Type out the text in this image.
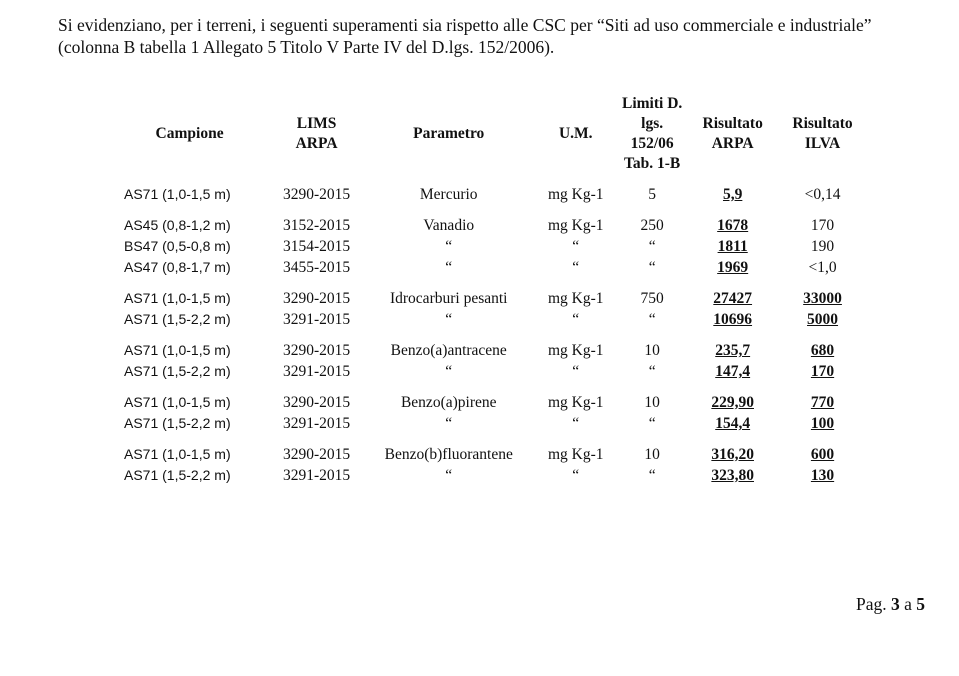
Si evidenziano, per i terreni, i seguenti superamenti sia rispetto alle CSC per “Siti ad uso commerciale e industriale” (colonna B tabella 1 Allegato 5 Titolo V Parte IV del D.lgs. 152/2006).
Campione	LIMS ARPA	Parametro	U.M.	Limiti D. lgs. 152/06 Tab. 1-B	Risultato ARPA	Risultato ILVA
AS71 (1,0-1,5 m)	3290-2015	Mercurio	mg Kg-1	5	5,9	<0,14

AS45 (0,8-1,2 m)	3152-2015	Vanadio	mg Kg-1	250	1678	170
BS47 (0,5-0,8 m)	3154-2015	“	“	“	1811	190
AS47 (0,8-1,7 m)	3455-2015	“	“	“	1969	<1,0

AS71 (1,0-1,5 m)	3290-2015	Idrocarburi pesanti	mg Kg-1	750	27427	33000
AS71 (1,5-2,2 m)	3291-2015	“	“	“	10696	5000

AS71 (1,0-1,5 m)	3290-2015	Benzo(a)antracene	mg Kg-1	10	235,7	680
AS71 (1,5-2,2 m)	3291-2015	“	“	“	147,4	170

AS71 (1,0-1,5 m)	3290-2015	Benzo(a)pirene	mg Kg-1	10	229,90	770
AS71 (1,5-2,2 m)	3291-2015	“	“	“	154,4	100

AS71 (1,0-1,5 m)	3290-2015	Benzo(b)fluorantene	mg Kg-1	10	316,20	600
AS71 (1,5-2,2 m)	3291-2015	“	“	“	323,80	130
Pag. 3 a 5
